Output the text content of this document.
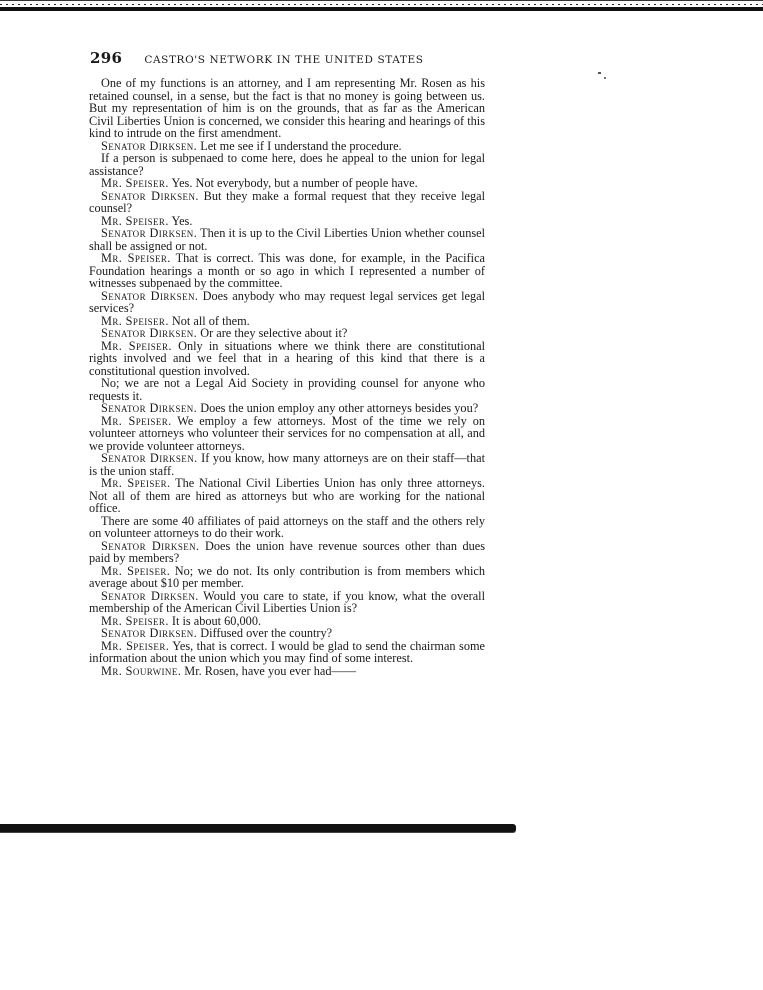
296 CASTRO'S NETWORK IN THE UNITED STATES

One of my functions is an attorney, and I am representing Mr. Rosen as his retained counsel, in a sense, but the fact is that no money is going between us. But my representation of him is on the grounds, that as far as the American Civil Liberties Union is concerned, we consider this hearing and hearings of this kind to intrude on the first amendment.

Senator Dirksen. Let me see if I understand the procedure.

If a person is subpenaed to come here, does he appeal to the union for legal assistance?

Mr. Speiser. Yes. Not everybody, but a number of people have.

Senator Dirksen. But they make a formal request that they receive legal counsel?

Mr. Speiser. Yes.

Senator Dirksen. Then it is up to the Civil Liberties Union whether counsel shall be assigned or not.

Mr. Speiser. That is correct. This was done, for example, in the Pacifica Foundation hearings a month or so ago in which I represented a number of witnesses subpenaed by the committee.

Senator Dirksen. Does anybody who may request legal services get legal services?

Mr. Speiser. Not all of them.

Senator Dirksen. Or are they selective about it?

Mr. Speiser. Only in situations where we think there are constitutional rights involved and we feel that in a hearing of this kind that there is a constitutional question involved.

No; we are not a Legal Aid Society in providing counsel for anyone who requests it.

Senator Dirksen. Does the union employ any other attorneys besides you?

Mr. Speiser. We employ a few attorneys. Most of the time we rely on volunteer attorneys who volunteer their services for no compensation at all, and we provide volunteer attorneys.

Senator Dirksen. If you know, how many attorneys are on their staff—that is the union staff.

Mr. Speiser. The National Civil Liberties Union has only three attorneys. Not all of them are hired as attorneys but who are working for the national office.

There are some 40 affiliates of paid attorneys on the staff and the others rely on volunteer attorneys to do their work.

Senator Dirksen. Does the union have revenue sources other than dues paid by members?

Mr. Speiser. No; we do not. Its only contribution is from members which average about $10 per member.

Senator Dirksen. Would you care to state, if you know, what the overall membership of the American Civil Liberties Union is?

Mr. Speiser. It is about 60,000.

Senator Dirksen. Diffused over the country?

Mr. Speiser. Yes, that is correct. I would be glad to send the chairman some information about the union which you may find of some interest.

Mr. Sourwine. Mr. Rosen, have you ever had——
